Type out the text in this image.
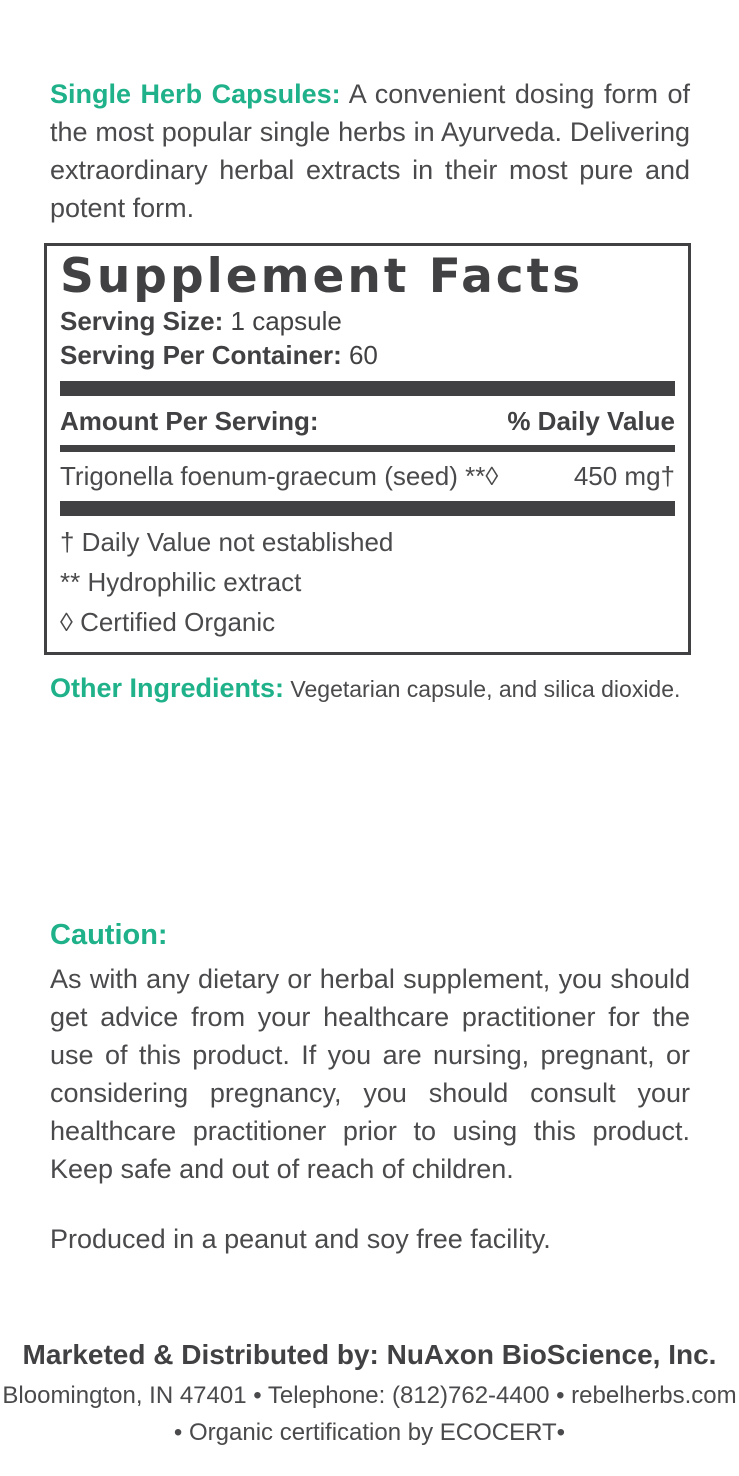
Single Herb Capsules: A convenient dosing form of the most popular single herbs in Ayurveda. Delivering extraordinary herbal extracts in their most pure and potent form.

Supplement Facts
Serving Size: 1 capsule
Serving Per Container: 60
Amount Per Serving:	% Daily Value
Trigonella foenum-graecum (seed) **◊	450 mg†
† Daily Value not established
** Hydrophilic extract
◊ Certified Organic

Other Ingredients: Vegetarian capsule, and silica dioxide.

Caution:

As with any dietary or herbal supplement, you should get advice from your healthcare practitioner for the use of this product. If you are nursing, pregnant, or considering pregnancy, you should consult your healthcare practitioner prior to using this product. Keep safe and out of reach of children.

Produced in a peanut and soy free facility.

Marketed & Distributed by: NuAxon BioScience, Inc.
Bloomington, IN 47401 • Telephone: (812)762-4400 • rebelherbs.com
• Organic certification by ECOCERT•
